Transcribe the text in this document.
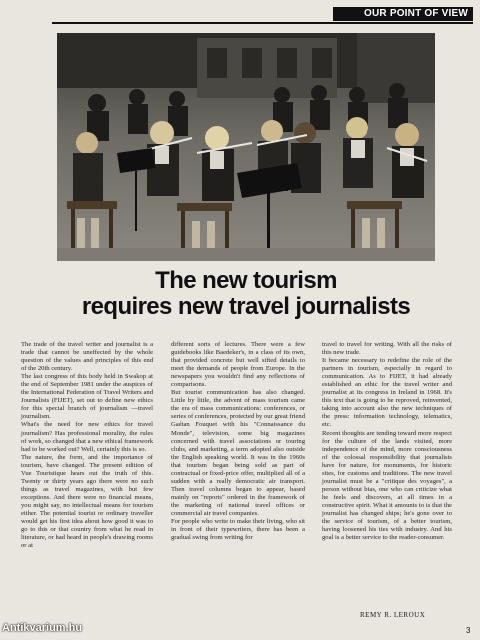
OUR POINT OF VIEW
The new tourism
requires new travel journalists

The trade of the travel writer and journalist is a trade that cannot be uneffected by the whole question of the values and principles of this end of the 20th century.

The last congress of this body held in Swakop at the end of September 1981 under the auspices of the International Federation of Travel Writers and Journalists (FIJET), set out to define new ethics for this special branch of journalism —travel journalism.

What's the need for new ethics for travel journalism? Has professional morality, the rules of work, so changed that a new ethical framework had to be worked out? Well, certainly this is so.

The nature, the form, and the importance of tourism, have changed. The present edition of Vue Touristique hears out the truth of this. Twenty or thirty years ago there were no such things as travel magazines, with but few exceptions. And there were no financial means, you might say, no intellectual means for tourism either. The potential tourist or ordinary traveller would get his first idea about how good it was to go to this or that country from what he read in literature, or had heard in people's drawing rooms or at

different sorts of lectures. There were a few guidebooks like Baedeker's, in a class of its own, that provided concrete but well sifted details to meet the demands of people from Europe. In the newspapers you wouldn't find any reflections of comparisons.

But tourist communication has also changed. Little by little, the advent of mass tourism came the era of mass communications: conferences, or series of conferences, protected by our great friend Gaétan Fouquet with his "Connaissance du Monde", television, some big magazines concerned with travel associations or touring clubs, and marketing, a term adopted also outside the English speaking world. It was in the 1960s that tourism began being sold as part of contractual or fixed-price offer, multiplied all of a sudden with a really democratic air transport. Then travel columns began to appear, based mainly on "reports" ordered in the framework of the marketing of national travel offices or commercial air travel companies.

For people who write to make their living, who sit in front of their typewriters, there has been a gradual swing from writing for

travel to travel for writing. With all the risks of this new trade.

It became necessary to redefine the role of the partners in tourism, especially in regard to communication. As to FIJET, it had already established an ethic for the travel writer and journalist at its congress in Ireland in 1968. It's this text that is going to be reproved, reinvented, taking into account also the new techniques of the press: information technology, telematics, etc.

Recent thoughts are tending toward more respect for the culture of the lands visited, more independence of the mind, more consciousness of the colossal responsibility that journalists have for nature, for monuments, for historic sites, for customs and traditions. The new travel journalist must be a "critique des voyages", a person without bias, one who can criticize what he feels and discovers, at all times in a constructive spirit. What it amounts to is that the journalist has changed ships; he's gone over to the service of tourism, of a better tourism, having loosened his ties with industry. And his goal is a better service to the reader-consumer.

REMY R. LEROUX
3
Antikvarium.hu
